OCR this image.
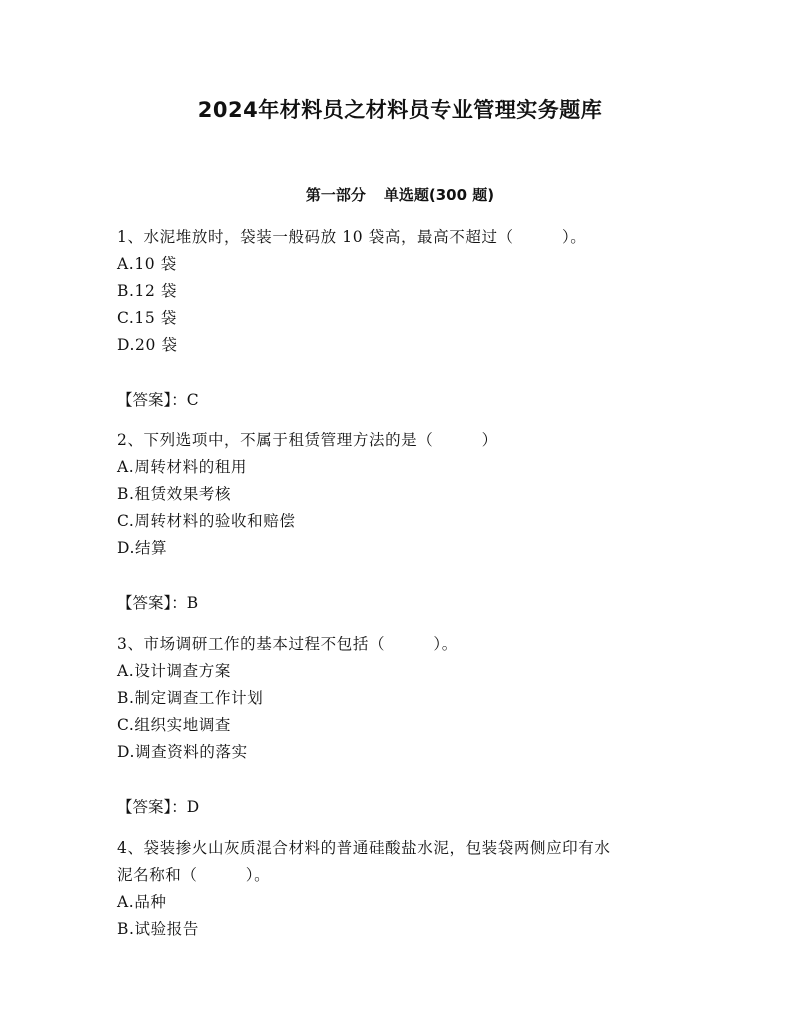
2024年材料员之材料员专业管理实务题库
第一部分 单选题(300 题)
1、水泥堆放时，袋装一般码放 10 袋高，最高不超过（　　　）。
A.10 袋
B.12 袋
C.15 袋
D.20 袋
【答案】：C
2、下列选项中，不属于租赁管理方法的是（　　　）
A.周转材料的租用
B.租赁效果考核
C.周转材料的验收和赔偿
D.结算
【答案】：B
3、市场调研工作的基本过程不包括（　　　）。
A.设计调查方案
B.制定调查工作计划
C.组织实地调查
D.调查资料的落实
【答案】：D
4、袋装掺火山灰质混合材料的普通硅酸盐水泥，包装袋两侧应印有水
泥名称和（　　　）。
A.品种
B.试验报告
